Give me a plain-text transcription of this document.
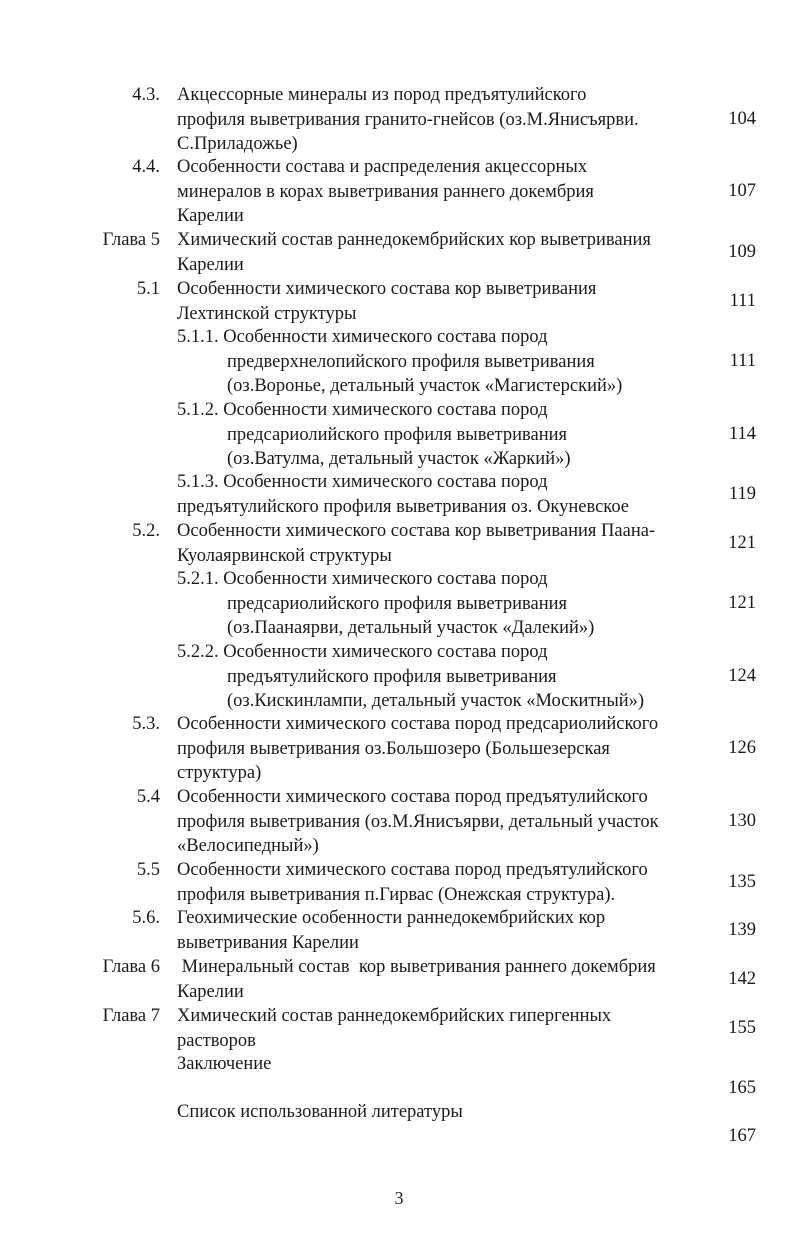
4.3. Акцессорные минералы из пород предъятулийского
профиля выветривания гранито-гнейсов (оз.М.Янисъярви.
С.Приладожье)
104
4.4. Особенности состава и распределения акцессорных
минералов в корах выветривания раннего докембрия
Карелии
107
Глава 5 Химический состав раннедокембрийских кор выветривания
Карелии
109
5.1 Особенности химического состава кор выветривания
Лехтинской структуры
111
5.1.1. Особенности химического состава пород
предверхнелопийского профиля выветривания
(оз.Воронье, детальный участок «Магистерский»)
111
5.1.2. Особенности химического состава пород
предсариолийского профиля выветривания
(оз.Ватулма, детальный участок «Жаркий»)
114
5.1.3. Особенности химического состава пород
предъятулийского профиля выветривания оз. Окуневское
119
5.2. Особенности химического состава кор выветривания Паана-
Куолаярвинской структуры
121
5.2.1. Особенности химического состава пород
предсариолийского профиля выветривания
(оз.Паанаярви, детальный участок «Далекий»)
121
5.2.2. Особенности химического состава пород
предъятулийского профиля выветривания
(оз.Кискинлампи, детальный участок «Москитный»)
124
5.3. Особенности химического состава пород предсариолийского
профиля выветривания оз.Большозеро (Большезерская
структура)
126
5.4 Особенности химического состава пород предъятулийского
профиля выветривания (оз.М.Янисъярви, детальный участок
«Велосипедный»)
130
5.5 Особенности химического состава пород предъятулийского
профиля выветривания п.Гирвас (Онежская структура).
135
5.6. Геохимические особенности раннедокембрийских кор
выветривания Карелии
139
Глава 6 Минеральный состав  кор выветривания раннего докембрия
Карелии
142
Глава 7 Химический состав раннедокембрийских гипергенных
растворов
155
Заключение
165
Список использованной литературы
167
3
